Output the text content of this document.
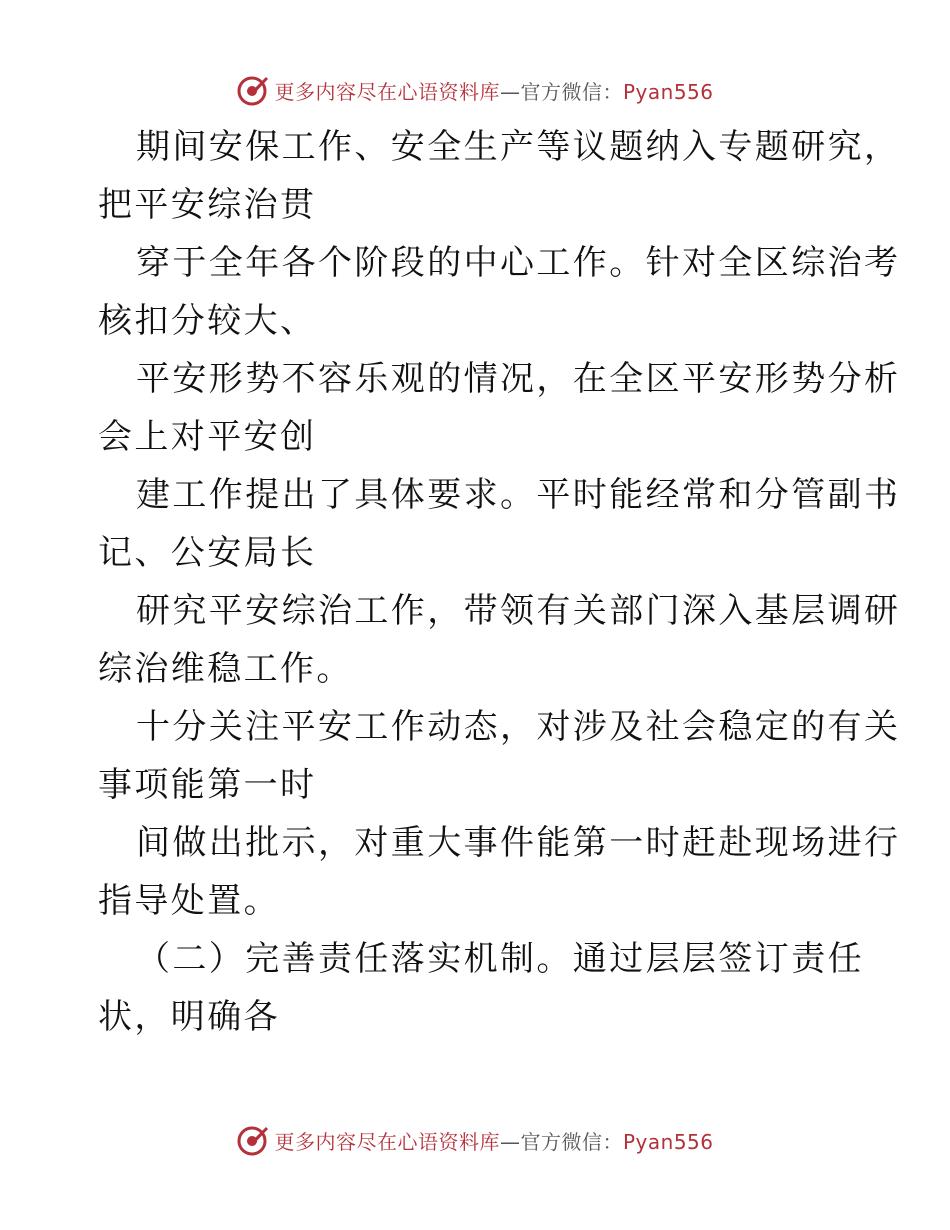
更多内容尽在心语资料库—官方微信：Pyan556
期间安保工作、安全生产等议题纳入专题研究，
把平安综治贯
穿于全年各个阶段的中心工作。针对全区综治考
核扣分较大、
平安形势不容乐观的情况，在全区平安形势分析
会上对平安创
建工作提出了具体要求。平时能经常和分管副书
记、公安局长
研究平安综治工作，带领有关部门深入基层调研
综治维稳工作。
十分关注平安工作动态，对涉及社会稳定的有关
事项能第一时
间做出批示，对重大事件能第一时赶赴现场进行
指导处置。
（二）完善责任落实机制。通过层层签订责任
状，明确各
更多内容尽在心语资料库—官方微信：Pyan556
